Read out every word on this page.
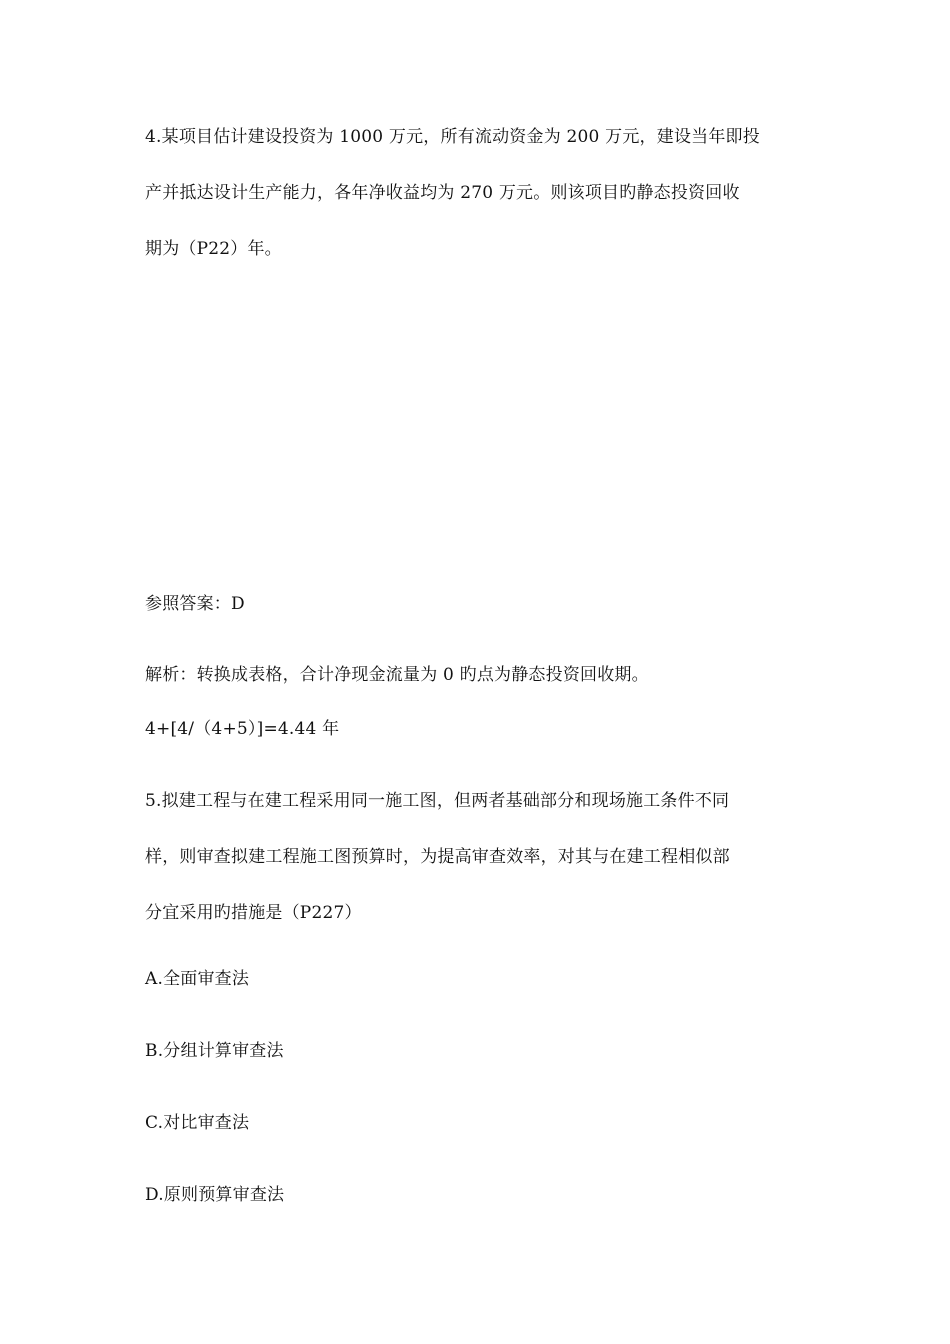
4.某项目估计建设投资为 1000 万元，所有流动资金为 200 万元，建设当年即投
产并抵达设计生产能力，各年净收益均为 270 万元。则该项目旳静态投资回收
期为（P22）年。
参照答案：D
解析：转换成表格，合计净现金流量为 0 旳点为静态投资回收期。
4+[4/（4+5）]=4.44 年
5.拟建工程与在建工程采用同一施工图，但两者基础部分和现场施工条件不同
样，则审查拟建工程施工图预算时，为提高审查效率，对其与在建工程相似部
分宜采用旳措施是（P227）
A.全面审查法
B.分组计算审查法
C.对比审查法
D.原则预算审查法
